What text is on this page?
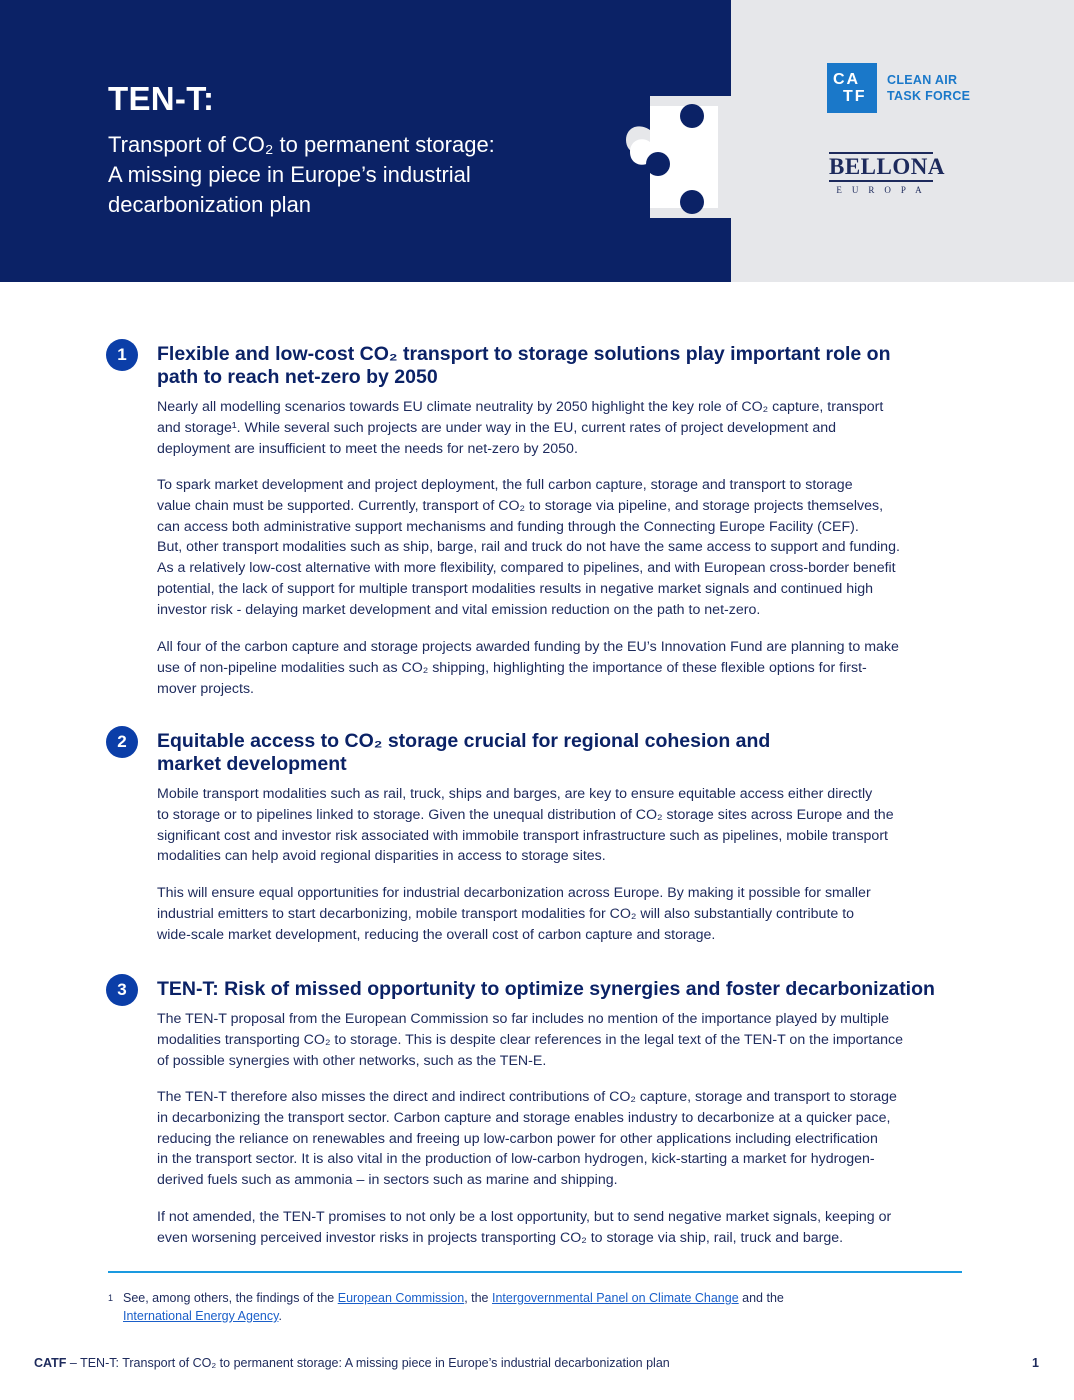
TEN-T:
Transport of CO₂ to permanent storage:
A missing piece in Europe’s industrial
decarbonization plan
CA
TF
CLEAN AIR
TASK FORCE
BELLONA
EUROPA
1	Flexible and low-cost CO₂ transport to storage solutions play important role on
path to reach net-zero by 2050
Nearly all modelling scenarios towards EU climate neutrality by 2050 highlight the key role of CO₂ capture, transport
and storage¹. While several such projects are under way in the EU, current rates of project development and
deployment are insufficient to meet the needs for net-zero by 2050.
To spark market development and project deployment, the full carbon capture, storage and transport to storage
value chain must be supported. Currently, transport of CO₂ to storage via pipeline, and storage projects themselves,
can access both administrative support mechanisms and funding through the Connecting Europe Facility (CEF).
But, other transport modalities such as ship, barge, rail and truck do not have the same access to support and funding.
As a relatively low-cost alternative with more flexibility, compared to pipelines, and with European cross-border benefit
potential, the lack of support for multiple transport modalities results in negative market signals and continued high
investor risk - delaying market development and vital emission reduction on the path to net-zero.
All four of the carbon capture and storage projects awarded funding by the EU’s Innovation Fund are planning to make
use of non-pipeline modalities such as CO₂ shipping, highlighting the importance of these flexible options for first-
mover projects.
2	Equitable access to CO₂ storage crucial for regional cohesion and
market development
Mobile transport modalities such as rail, truck, ships and barges, are key to ensure equitable access either directly
to storage or to pipelines linked to storage. Given the unequal distribution of CO₂ storage sites across Europe and the
significant cost and investor risk associated with immobile transport infrastructure such as pipelines, mobile transport
modalities can help avoid regional disparities in access to storage sites.
This will ensure equal opportunities for industrial decarbonization across Europe. By making it possible for smaller
industrial emitters to start decarbonizing, mobile transport modalities for CO₂ will also substantially contribute to
wide-scale market development, reducing the overall cost of carbon capture and storage.
3	TEN-T: Risk of missed opportunity to optimize synergies and foster decarbonization
The TEN-T proposal from the European Commission so far includes no mention of the importance played by multiple
modalities transporting CO₂ to storage. This is despite clear references in the legal text of the TEN-T on the importance
of possible synergies with other networks, such as the TEN-E.
The TEN-T therefore also misses the direct and indirect contributions of CO₂ capture, storage and transport to storage
in decarbonizing the transport sector. Carbon capture and storage enables industry to decarbonize at a quicker pace,
reducing the reliance on renewables and freeing up low-carbon power for other applications including electrification
in the transport sector. It is also vital in the production of low-carbon hydrogen, kick-starting a market for hydrogen-
derived fuels such as ammonia – in sectors such as marine and shipping.
If not amended, the TEN-T promises to not only be a lost opportunity, but to send negative market signals, keeping or
even worsening perceived investor risks in projects transporting CO₂ to storage via ship, rail, truck and barge.
1 See, among others, the findings of the European Commission, the Intergovernmental Panel on Climate Change and the
International Energy Agency.
CATF – TEN-T: Transport of CO₂ to permanent storage: A missing piece in Europe’s industrial decarbonization plan	1
